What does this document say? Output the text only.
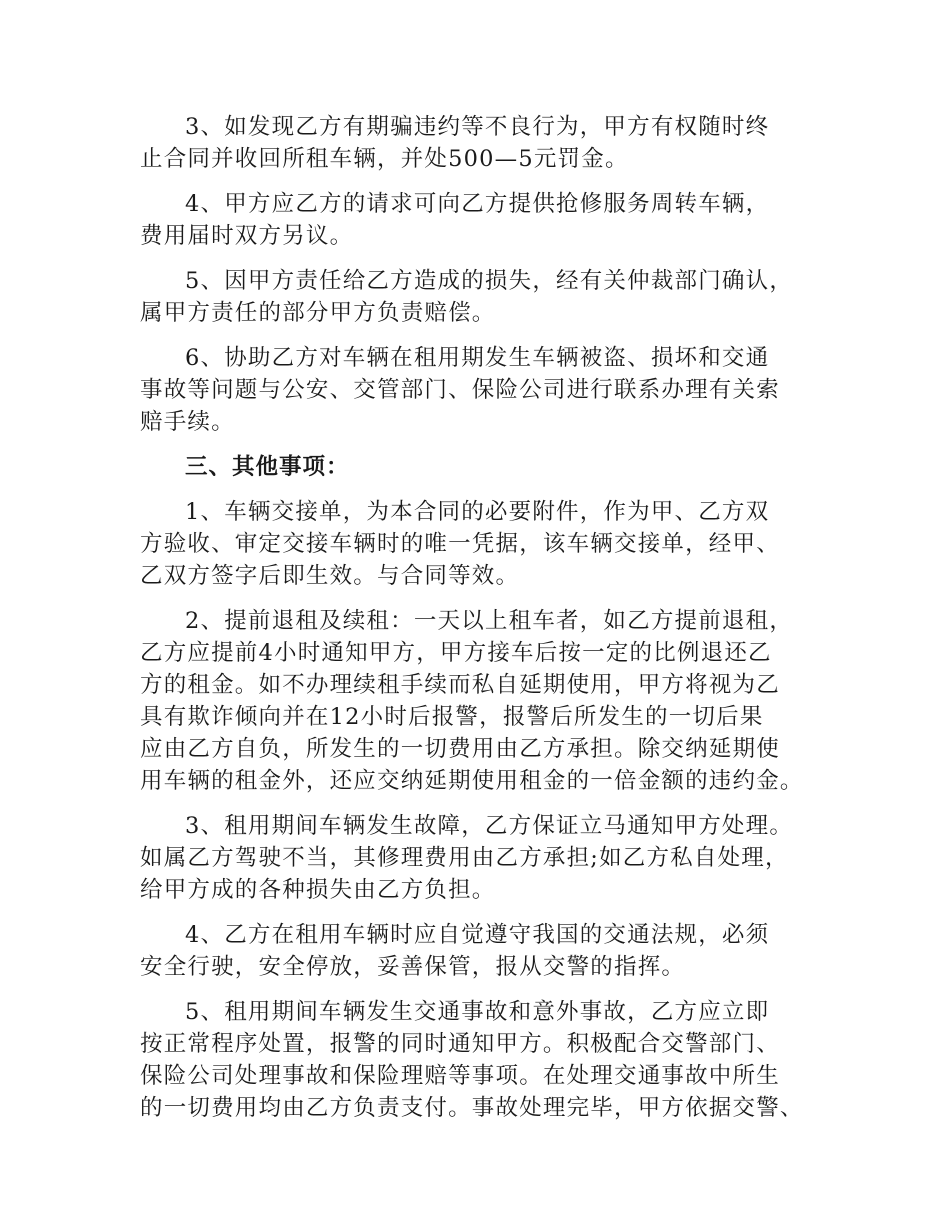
3、如发现乙方有期骗违约等不良行为，甲方有权随时终
止合同并收回所租车辆，并处500—5元罚金。
4、甲方应乙方的请求可向乙方提供抢修服务周转车辆，
费用届时双方另议。
5、因甲方责任给乙方造成的损失，经有关仲裁部门确认，
属甲方责任的部分甲方负责赔偿。
6、协助乙方对车辆在租用期发生车辆被盗、损坏和交通
事故等问题与公安、交管部门、保险公司进行联系办理有关索
赔手续。
三、其他事项：
1、车辆交接单，为本合同的必要附件，作为甲、乙方双
方验收、审定交接车辆时的唯一凭据，该车辆交接单，经甲、
乙双方签字后即生效。与合同等效。
2、提前退租及续租：一天以上租车者，如乙方提前退租，
乙方应提前4小时通知甲方，甲方接车后按一定的比例退还乙
方的租金。如不办理续租手续而私自延期使用，甲方将视为乙
具有欺诈倾向并在12小时后报警，报警后所发生的一切后果
应由乙方自负，所发生的一切费用由乙方承担。除交纳延期使
用车辆的租金外，还应交纳延期使用租金的一倍金额的违约金。
3、租用期间车辆发生故障，乙方保证立马通知甲方处理。
如属乙方驾驶不当，其修理费用由乙方承担;如乙方私自处理，
给甲方成的各种损失由乙方负担。
4、乙方在租用车辆时应自觉遵守我国的交通法规，必须
安全行驶，安全停放，妥善保管，报从交警的指挥。
5、租用期间车辆发生交通事故和意外事故，乙方应立即
按正常程序处置，报警的同时通知甲方。积极配合交警部门、
保险公司处理事故和保险理赔等事项。在处理交通事故中所生
的一切费用均由乙方负责支付。事故处理完毕，甲方依据交警、
